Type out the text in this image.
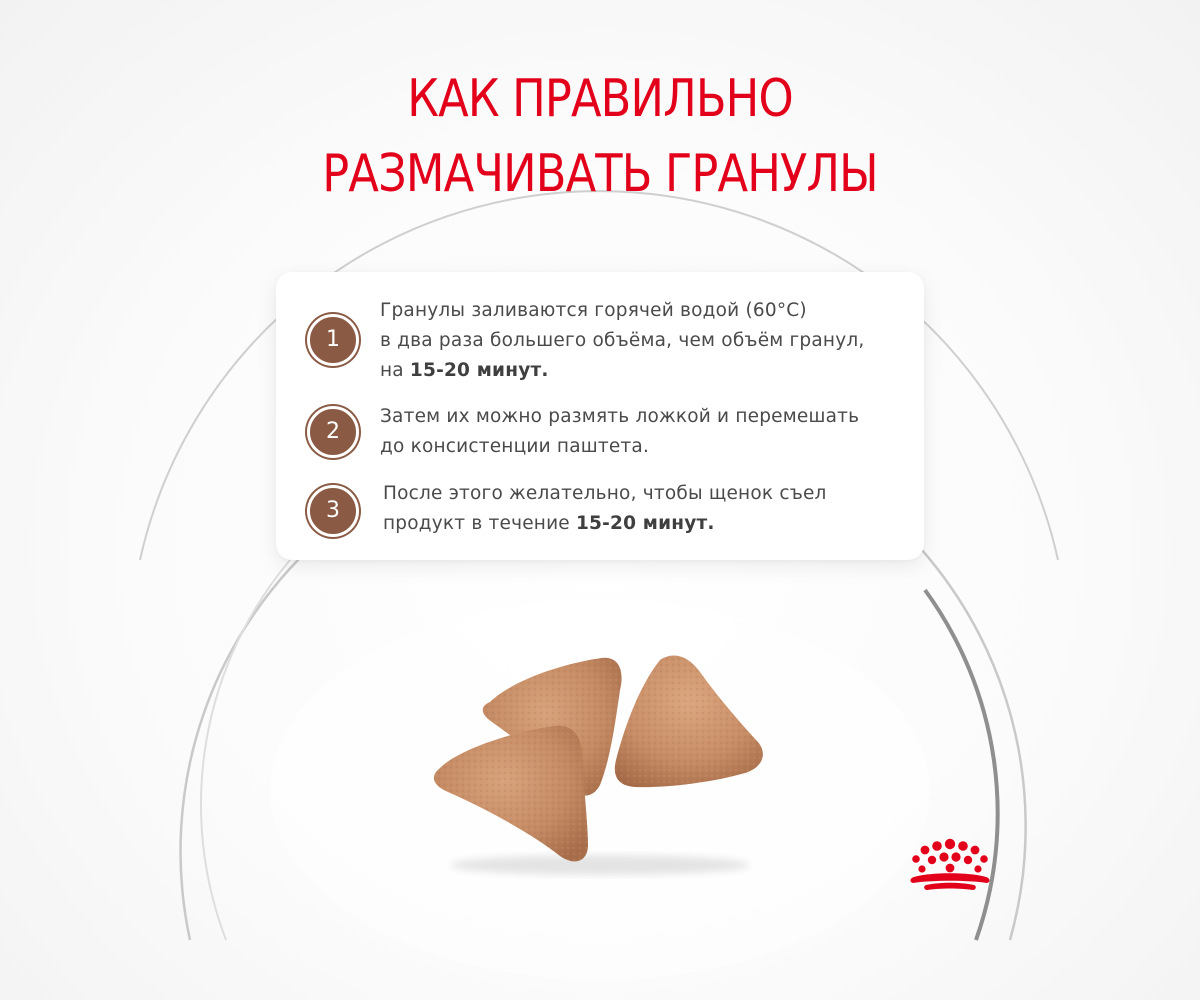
КАК ПРАВИЛЬНО
РАЗМАЧИВАТЬ ГРАНУЛЫ
1
Гранулы заливаются горячей водой (60°C)
в два раза большего объёма, чем объём гранул,
на 15-20 минут.
2
Затем их можно размять ложкой и перемешать
до консистенции паштета.
3
После этого желательно, чтобы щенок съел
продукт в течение 15-20 минут.
